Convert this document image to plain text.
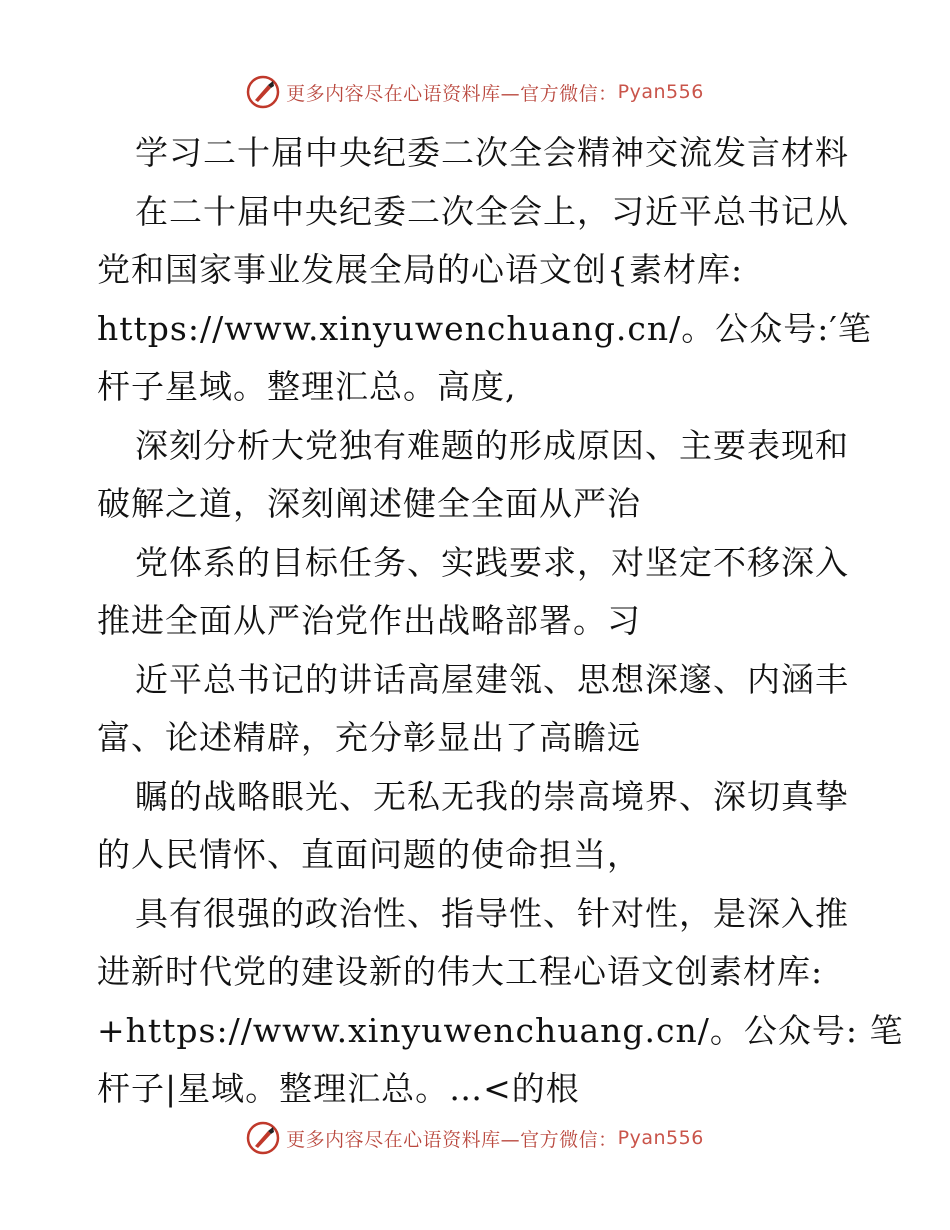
更多内容尽在心语资料库—官方微信： Pyan556
学习二十届中央纪委二次全会精神交流发言材料
在二十届中央纪委二次全会上，习近平总书记从
党和国家事业发展全局的心语文创{素材库:
https://www.xinyuwenchuang.cn/。公众号:′笔
杆子星域。整理汇总。高度,
深刻分析大党独有难题的形成原因、主要表现和
破解之道，深刻阐述健全全面从严治
党体系的目标任务、实践要求，对坚定不移深入
推进全面从严治党作出战略部署。习
近平总书记的讲话高屋建瓴、思想深邃、内涵丰
富、论述精辟，充分彰显出了高瞻远
瞩的战略眼光、无私无我的崇高境界、深切真挚
的人民情怀、直面问题的使命担当，
具有很强的政治性、指导性、针对性，是深入推
进新时代党的建设新的伟大工程心语文创素材库:
+https://www.xinyuwenchuang.cn/。公众号: 笔
杆子|星域。整理汇总。…<的根
更多内容尽在心语资料库—官方微信： Pyan556
